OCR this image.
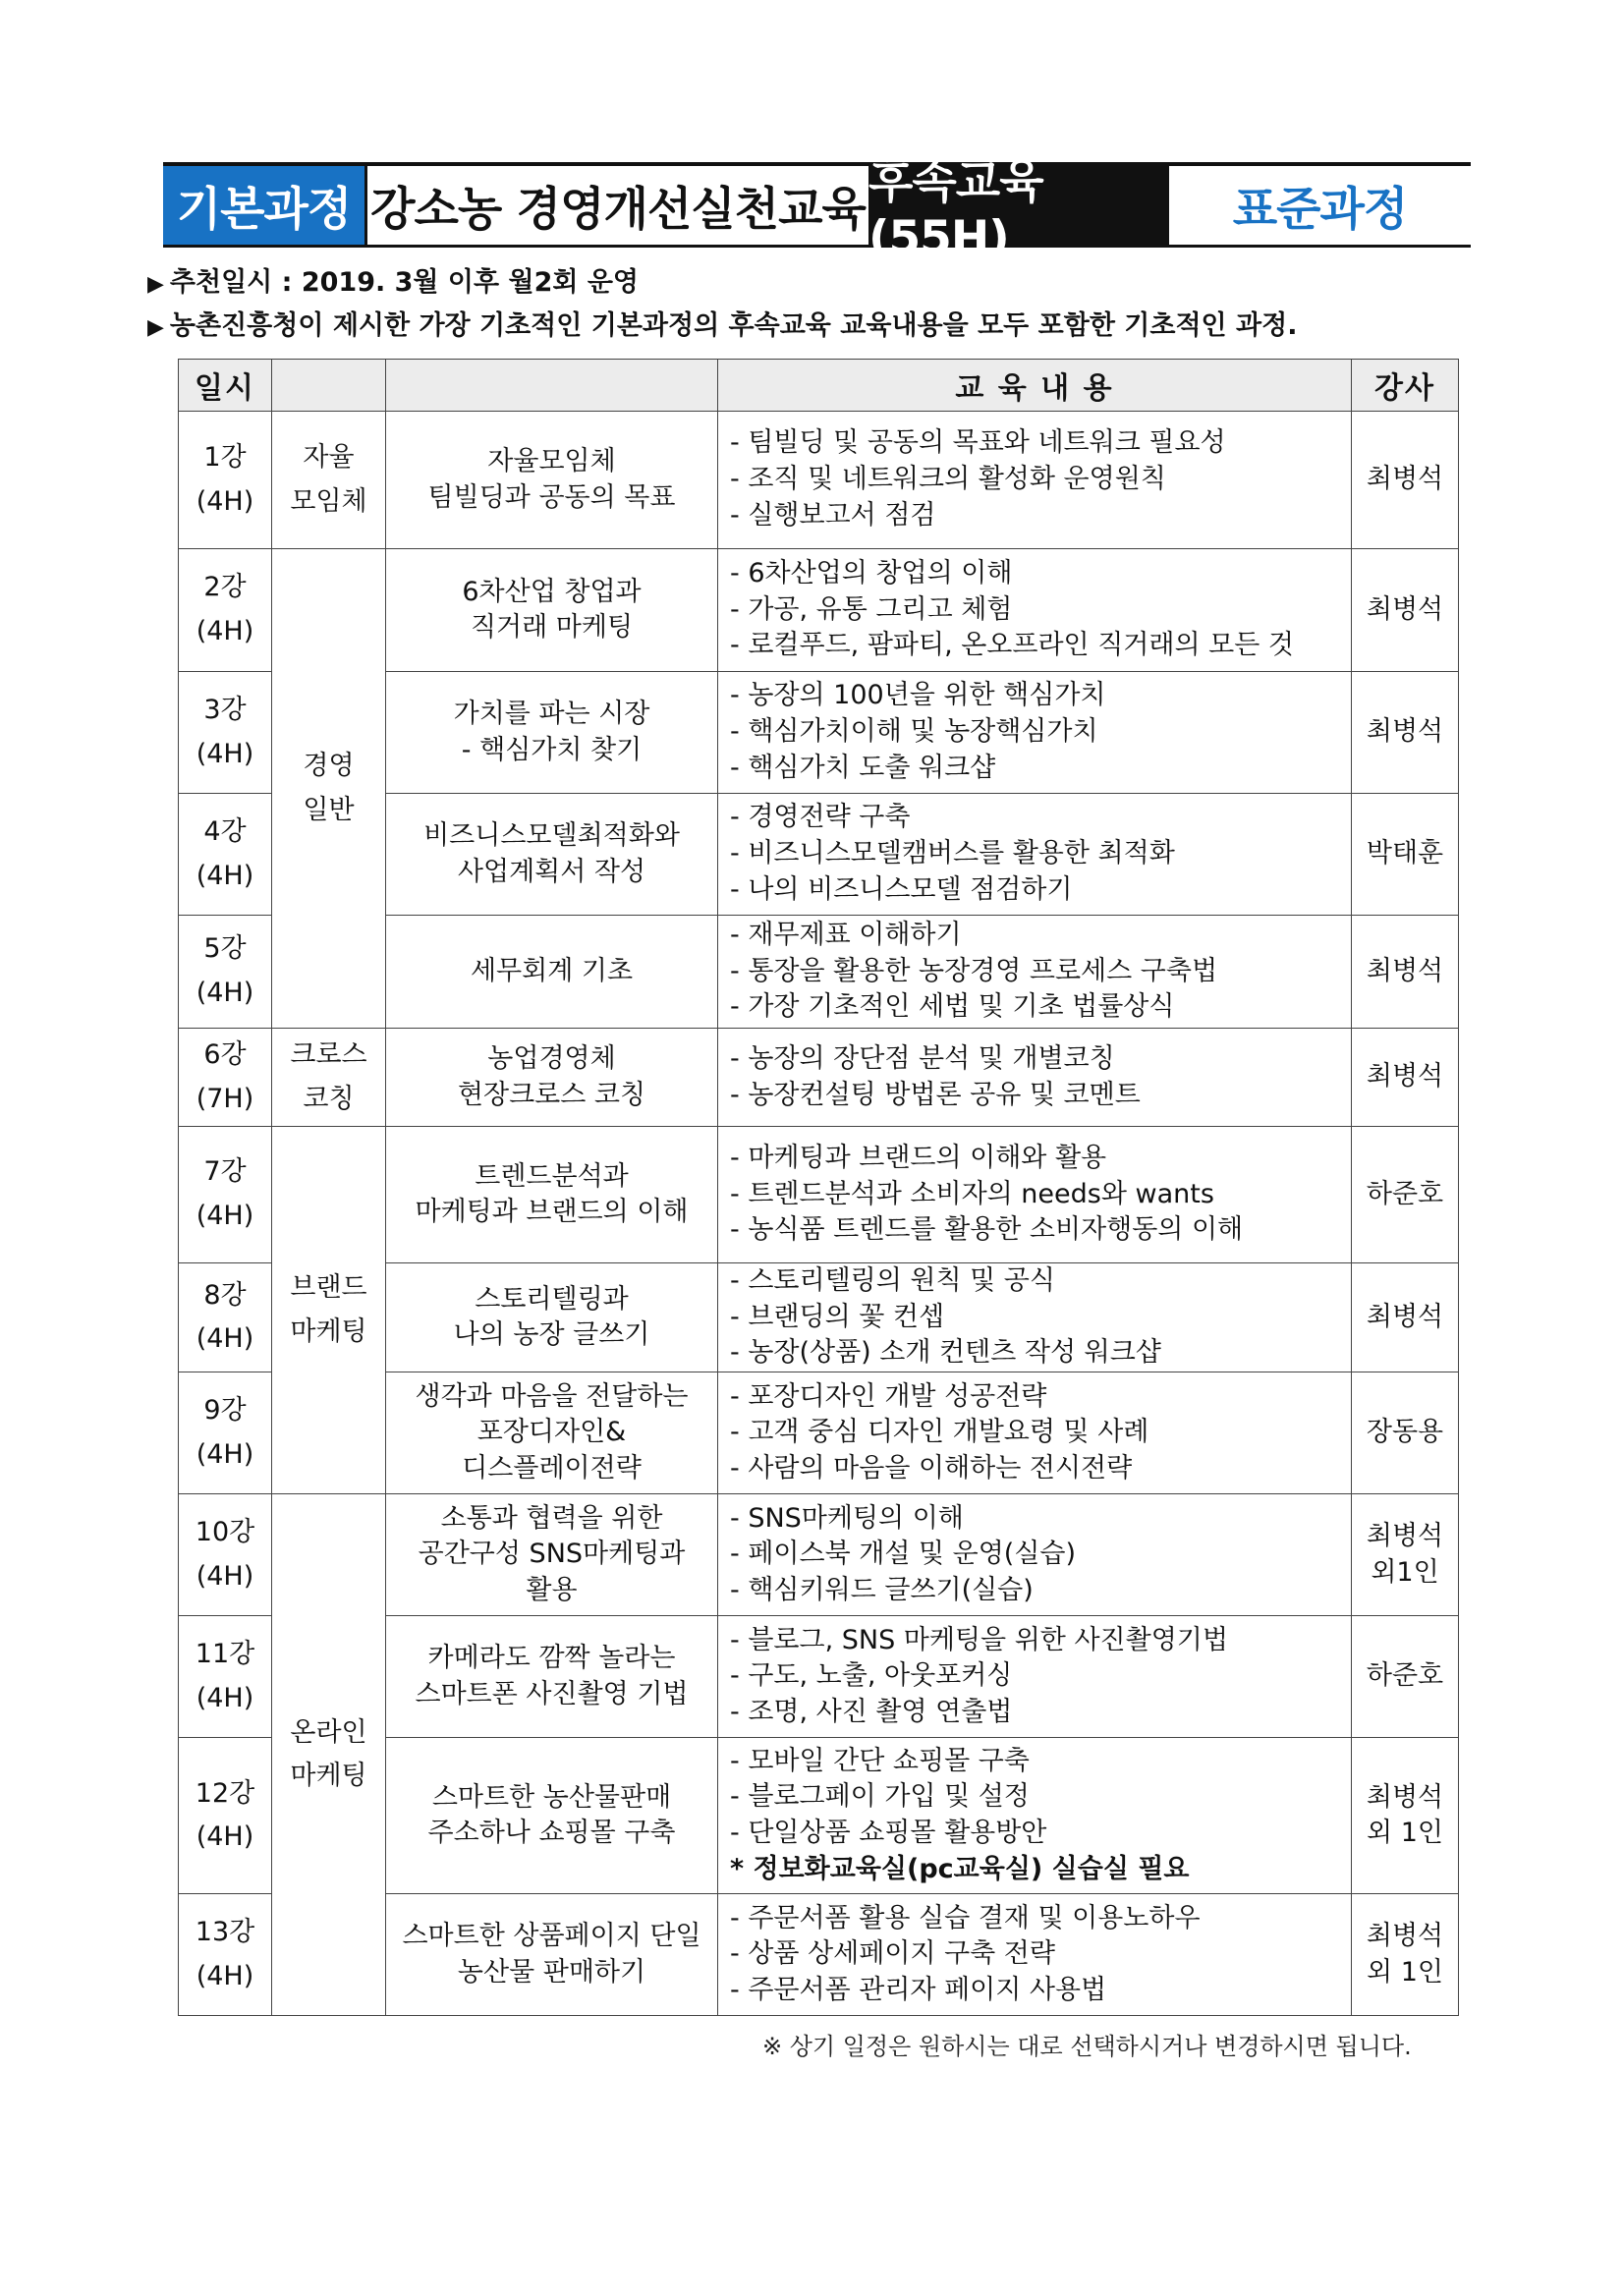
기본과정 강소농 경영개선실천교육 후속교육(55H)
표준과정
▶ 추천일시 : 2019. 3월 이후 월2회 운영
▶ 농촌진흥청이 제시한 가장 기초적인 기본과정의 후속교육 교육내용을 모두 포함한 기초적인 과정.
일시			교 육 내 용	강사

1강
(4H)	자율
모임체	자율모임체
팀빌딩과 공동의 목표	- 팀빌딩 및 공동의 목표와 네트워크 필요성
- 조직 및 네트워크의 활성화 운영원칙
- 실행보고서 점검	최병석

2강
(4H)	경영
일반	6차산업 창업과
직거래 마케팅	- 6차산업의 창업의 이해
- 가공, 유통 그리고 체험
- 로컬푸드, 팜파티, 온오프라인 직거래의 모든 것	최병석

3강
(4H)		가치를 파는 시장
- 핵심가치 찾기	- 농장의 100년을 위한 핵심가치
- 핵심가치이해 및 농장핵심가치
- 핵심가치 도출 워크샵	최병석

4강
(4H)		비즈니스모델최적화와
사업계획서 작성	- 경영전략 구축
- 비즈니스모델캠버스를 활용한 최적화
- 나의 비즈니스모델 점검하기	박태훈

5강
(4H)		세무회계 기초	- 재무제표 이해하기
- 통장을 활용한 농장경영 프로세스 구축법
- 가장 기초적인 세법 및 기초 법률상식	최병석

6강
(7H)	크로스
코칭	농업경영체
현장크로스 코칭	- 농장의 장단점 분석 및 개별코칭
- 농장컨설팅 방법론 공유 및 코멘트	최병석

7강
(4H)	브랜드
마케팅	트렌드분석과
마케팅과 브랜드의 이해	- 마케팅과 브랜드의 이해와 활용
- 트렌드분석과 소비자의 needs와 wants
- 농식품 트렌드를 활용한 소비자행동의 이해	하준호

8강
(4H)		스토리텔링과
나의 농장 글쓰기	- 스토리텔링의 원칙 및 공식
- 브랜딩의 꽃 컨셉
- 농장(상품) 소개 컨텐츠 작성 워크샵	최병석

9강
(4H)		생각과 마음을 전달하는
포장디자인&
디스플레이전략	- 포장디자인 개발 성공전략
- 고객 중심 디자인 개발요령 및 사례
- 사람의 마음을 이해하는 전시전략	장동용

10강
(4H)	온라인
마케팅	소통과 협력을 위한
공간구성 SNS마케팅과
활용	- SNS마케팅의 이해
- 페이스북 개설 및 운영(실습)
- 핵심키워드 글쓰기(실습)	최병석
외1인

11강
(4H)		카메라도 깜짝 놀라는
스마트폰 사진촬영 기법	- 블로그, SNS 마케팅을 위한 사진촬영기법
- 구도, 노출, 아웃포커싱
- 조명, 사진 촬영 연출법	하준호

12강
(4H)		스마트한 농산물판매
주소하나 쇼핑몰 구축	- 모바일 간단 쇼핑몰 구축
- 블로그페이 가입 및 설정
- 단일상품 쇼핑몰 활용방안
* 정보화교육실(pc교육실) 실습실 필요	최병석
외 1인

13강
(4H)		스마트한 상품페이지 단일
농산물 판매하기	- 주문서폼 활용 실습 결재 및 이용노하우
- 상품 상세페이지 구축 전략
- 주문서폼 관리자 페이지 사용법	최병석
외 1인
※ 상기 일정은 원하시는 대로 선택하시거나 변경하시면 됩니다.
